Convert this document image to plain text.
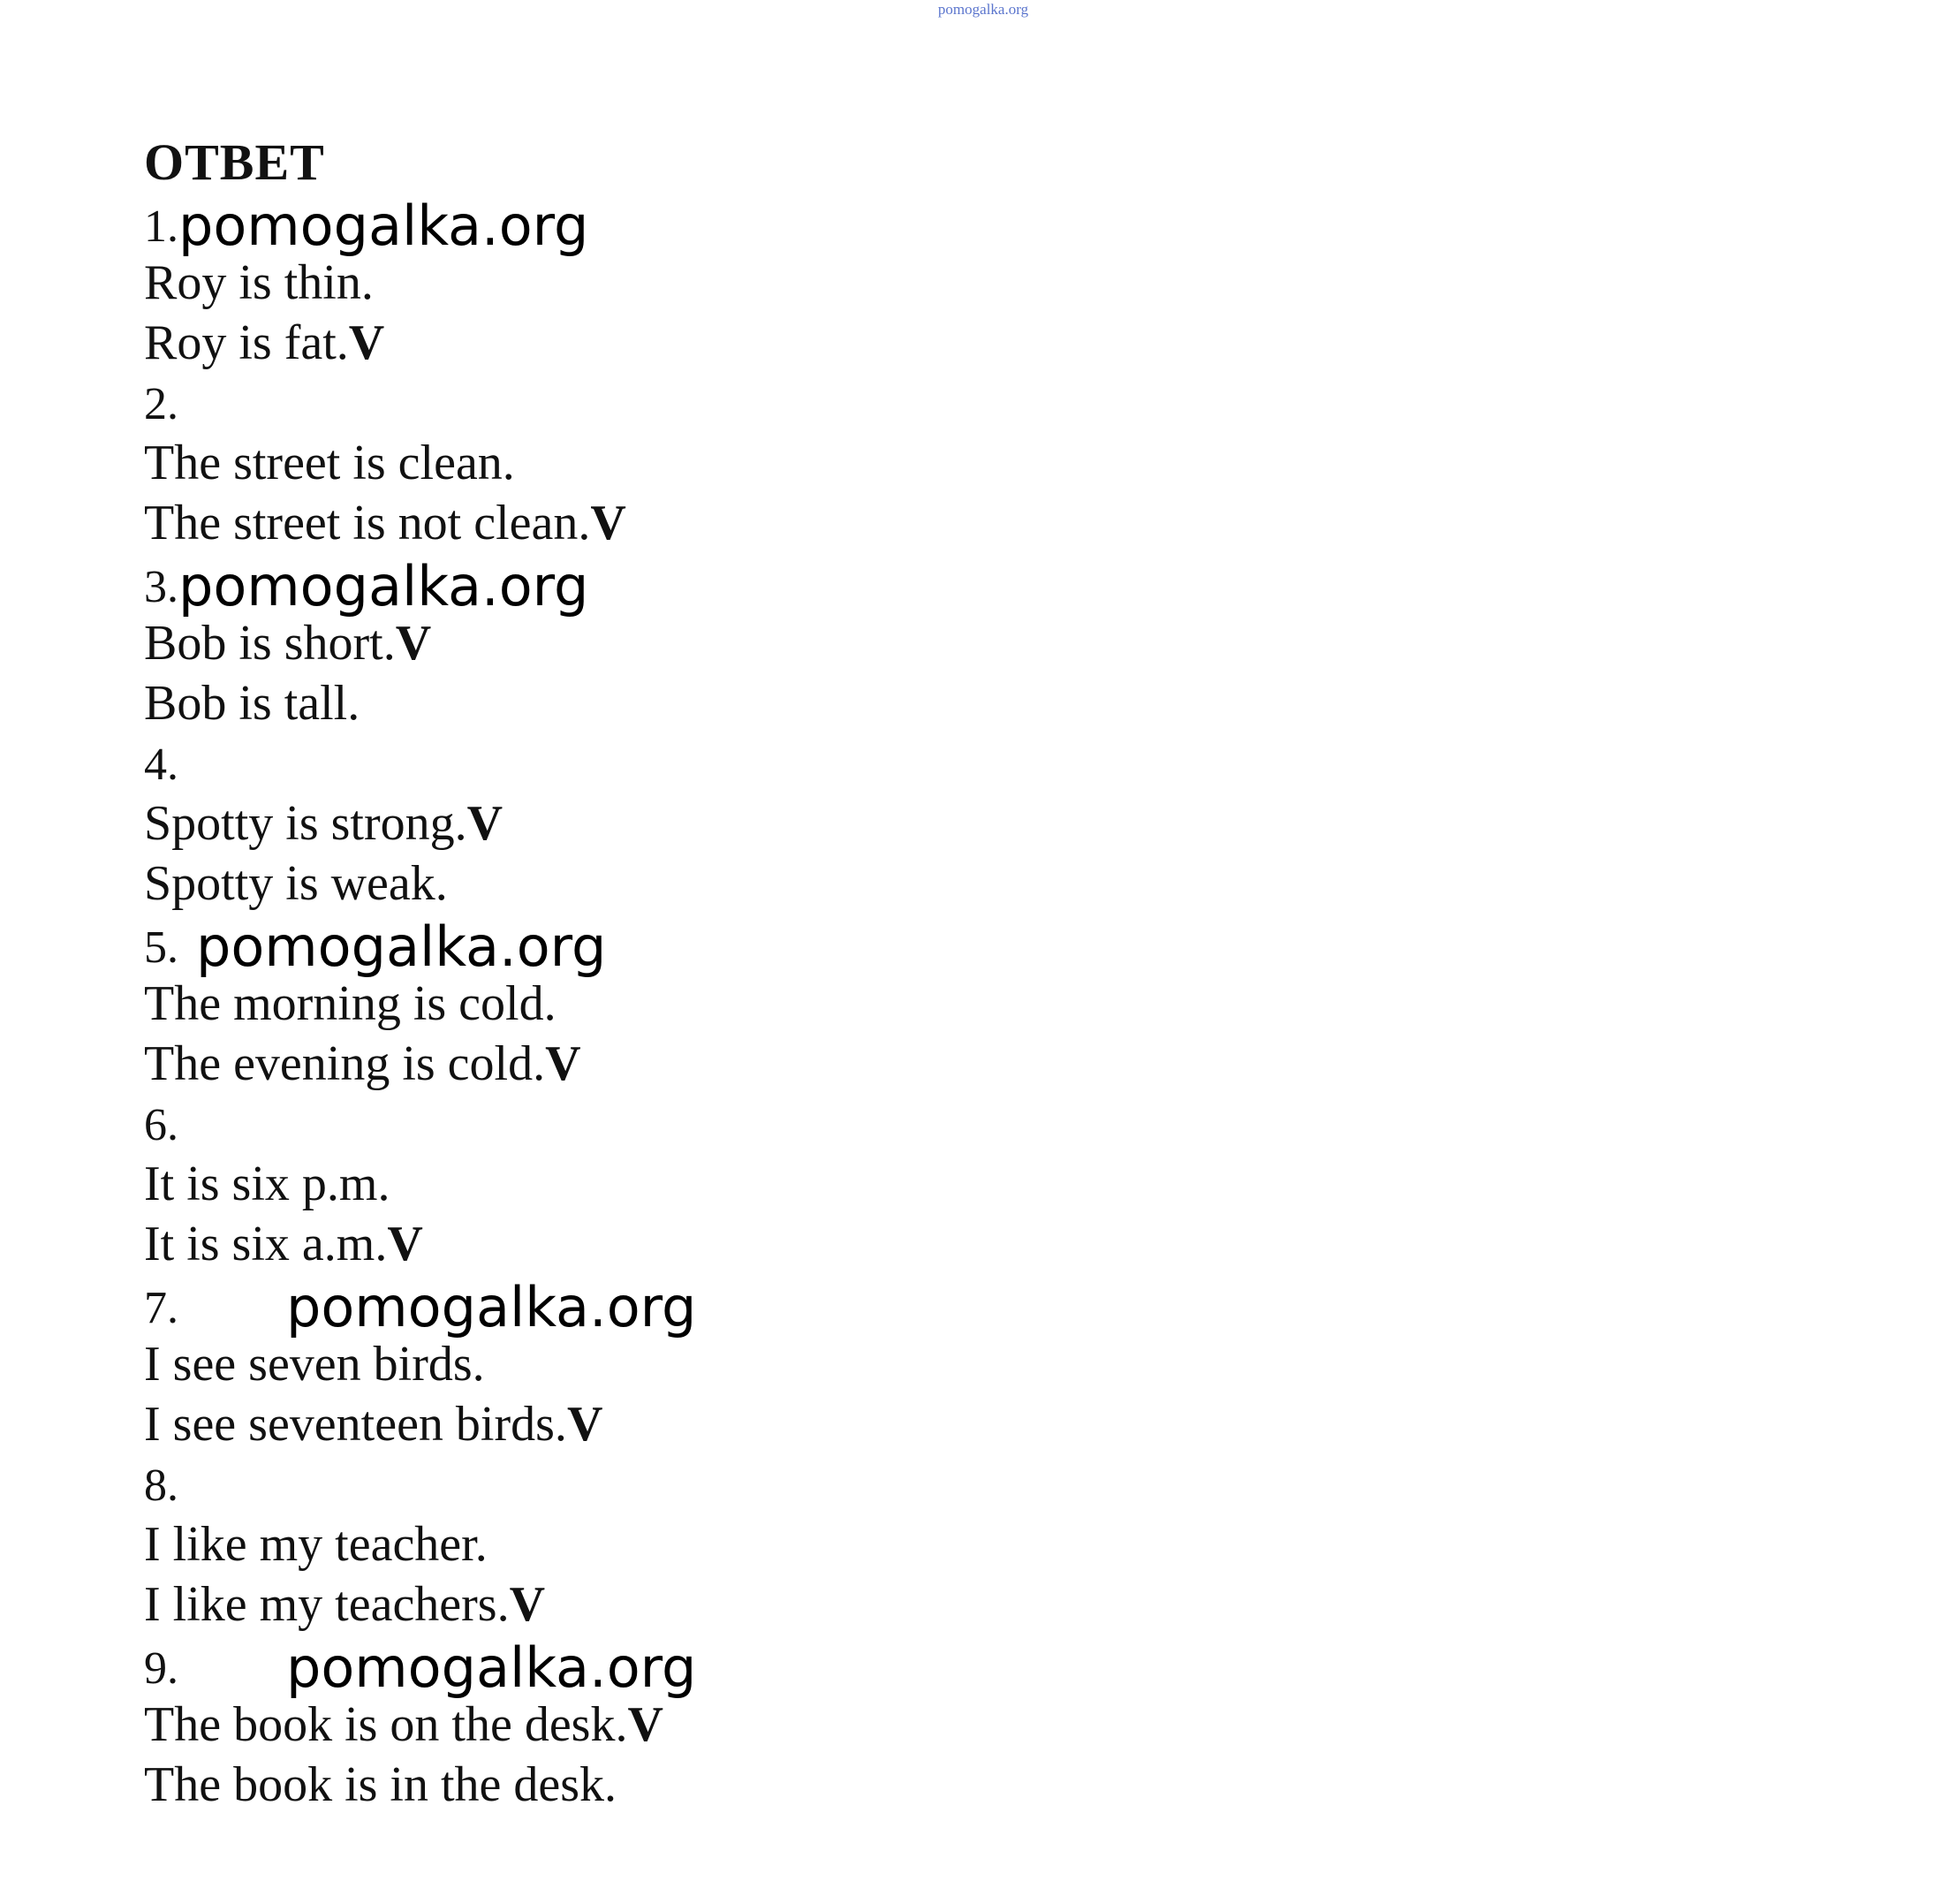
pomogalka.org
ОТВЕТ
1.pomogalka.org
Roy is thin.
Roy is fat.V
2.
The street is clean.
The street is not clean.V
3.pomogalka.org
Bob is short.V
Bob is tall.
4.
Spotty is strong.V
Spotty is weak.
5. pomogalka.org
The morning is cold.
The evening is cold.V
6.
It is six p.m.
It is six a.m.V
7. pomogalka.org
I see seven birds.
I see seventeen birds.V
8.
I like my teacher.
I like my teachers.V
9. pomogalka.org
The book is on the desk.V
The book is in the desk.
